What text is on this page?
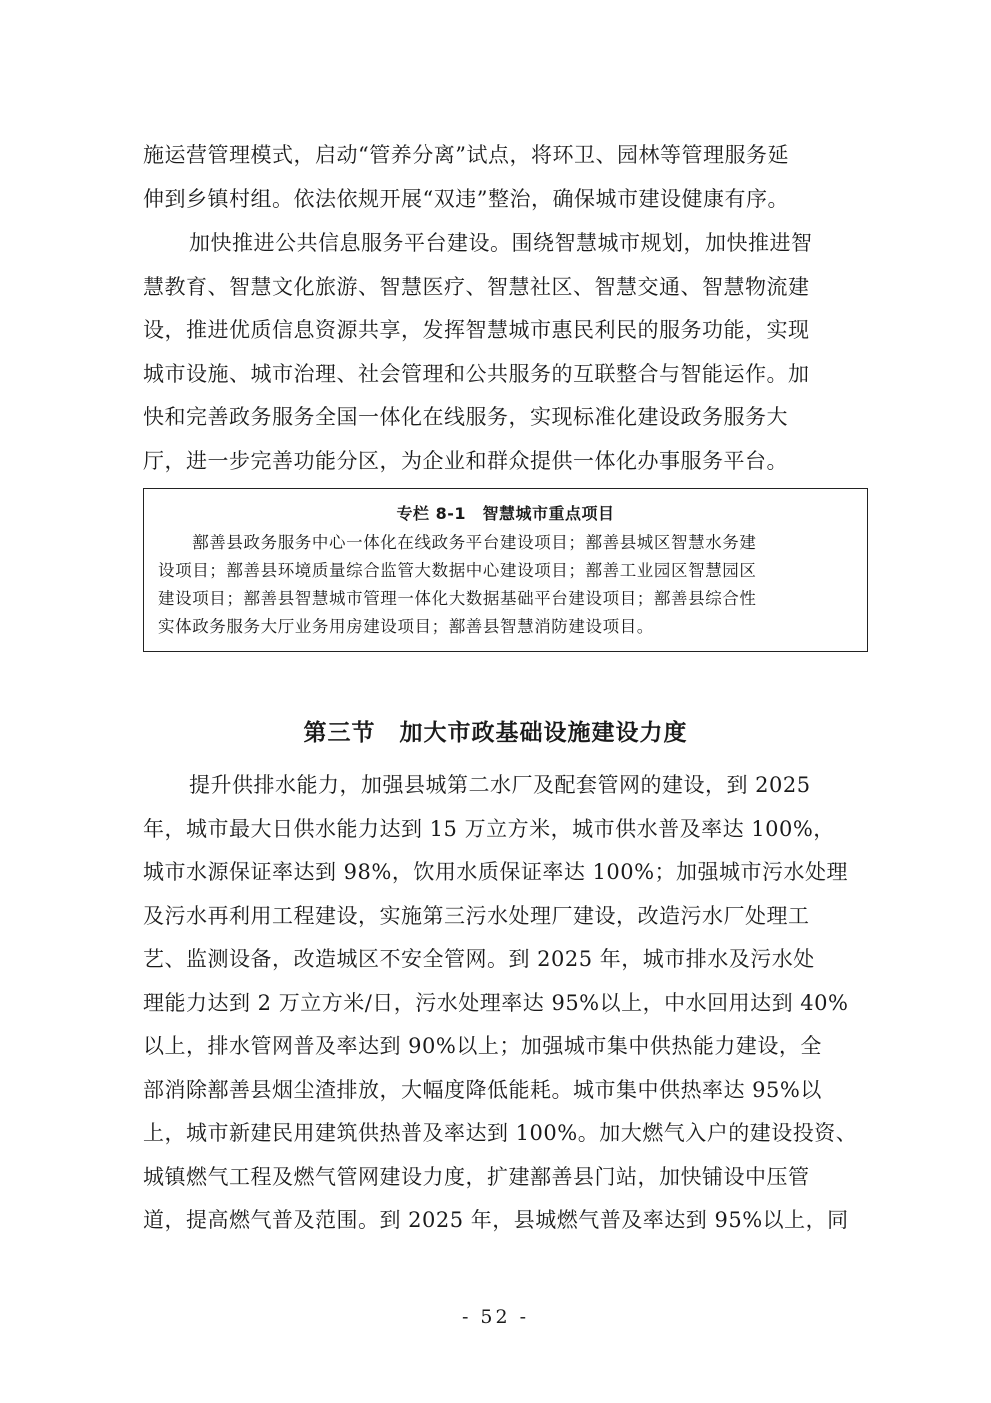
施运营管理模式，启动“管养分离”试点，将环卫、园林等管理服务延
伸到乡镇村组。依法依规开展“双违”整治，确保城市建设健康有序。
加快推进公共信息服务平台建设。围绕智慧城市规划，加快推进智
慧教育、智慧文化旅游、智慧医疗、智慧社区、智慧交通、智慧物流建
设，推进优质信息资源共享，发挥智慧城市惠民利民的服务功能，实现
城市设施、城市治理、社会管理和公共服务的互联整合与智能运作。加
快和完善政务服务全国一体化在线服务，实现标准化建设政务服务大
厅，进一步完善功能分区，为企业和群众提供一体化办事服务平台。
专栏 8-1　智慧城市重点项目
　　鄯善县政务服务中心一体化在线政务平台建设项目；鄯善县城区智慧水务建
设项目；鄯善县环境质量综合监管大数据中心建设项目；鄯善工业园区智慧园区
建设项目；鄯善县智慧城市管理一体化大数据基础平台建设项目；鄯善县综合性
实体政务服务大厅业务用房建设项目；鄯善县智慧消防建设项目。
第三节　加大市政基础设施建设力度
提升供排水能力，加强县城第二水厂及配套管网的建设，到 2025
年，城市最大日供水能力达到 15 万立方米，城市供水普及率达 100%，
城市水源保证率达到 98%，饮用水质保证率达 100%；加强城市污水处理
及污水再利用工程建设，实施第三污水处理厂建设，改造污水厂处理工
艺、监测设备，改造城区不安全管网。到 2025 年，城市排水及污水处
理能力达到 2 万立方米/日，污水处理率达 95%以上，中水回用达到 40%
以上，排水管网普及率达到 90%以上；加强城市集中供热能力建设，全
部消除鄯善县烟尘渣排放，大幅度降低能耗。城市集中供热率达 95%以
上，城市新建民用建筑供热普及率达到 100%。加大燃气入户的建设投资、
城镇燃气工程及燃气管网建设力度，扩建鄯善县门站，加快铺设中压管
道，提高燃气普及范围。到 2025 年，县城燃气普及率达到 95%以上，同
- 52 -
